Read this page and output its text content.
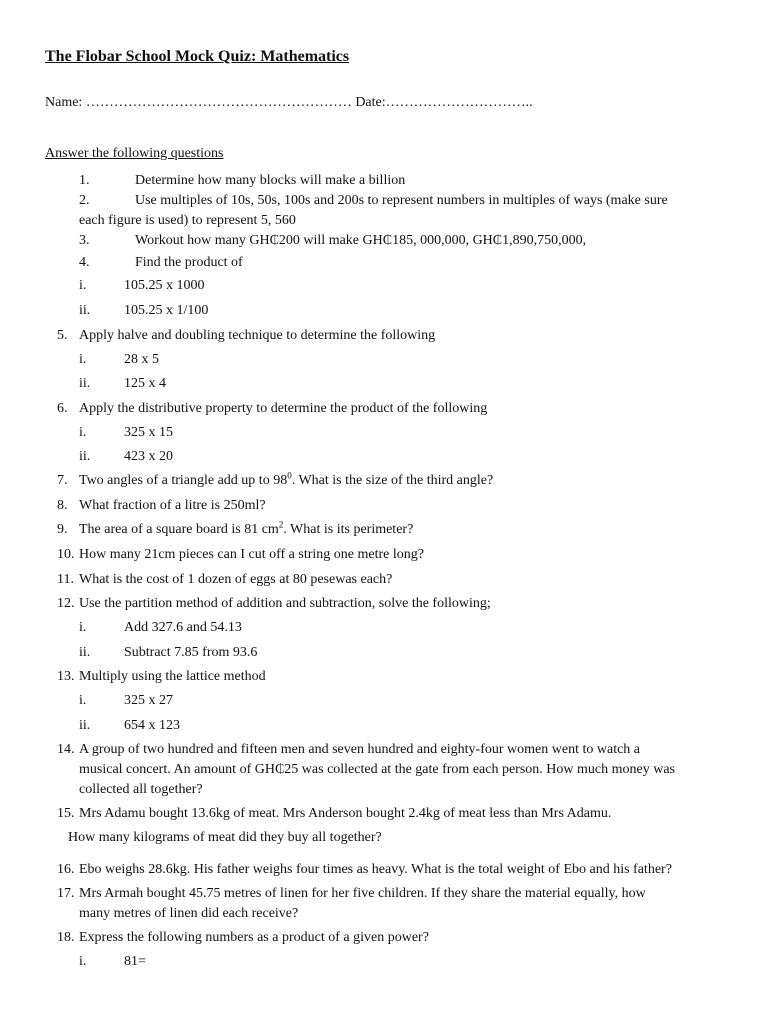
The Flobar School Mock Quiz: Mathematics
Name: ………………………………………………… Date:…………………………..
Answer the following questions
1.	Determine how many blocks will make a billion
2.	Use multiples of 10s, 50s, 100s and 200s to represent numbers in multiples of ways (make sure
each figure is used) to represent 5, 560
3.	Workout how many GH₵200 will make GH₵185, 000,000, GH₵1,890,750,000,
4.	Find the product of
i.	105.25 x 1000
ii. 105.25 x 1/100
5. Apply halve and doubling technique to determine the following
i.	28 x 5
ii. 125 x 4
6. Apply the distributive property to determine the product of the following
i.	325 x 15
ii. 423 x 20
7. Two angles of a triangle add up to $98^0$. What is the size of the third angle?
8. What fraction of a litre is 250ml?
9. The area of a square board is 81 $cm^2$. What is its perimeter?
10. How many 21cm pieces can I cut off a string one metre long?
11. What is the cost of 1 dozen of eggs at 80 pesewas each?
12. Use the partition method of addition and subtraction, solve the following;
i.	Add 327.6 and 54.13
ii. Subtract 7.85 from 93.6
13. Multiply using the lattice method
i.	325 x 27
ii. 654 x 123
14. A group of two hundred and fifteen men and seven hundred and eighty-four women went to watch a
musical concert. An amount of GH₵25 was collected at the gate from each person. How much money was
collected all together?
15. Mrs Adamu bought 13.6kg of meat. Mrs Anderson bought 2.4kg of meat less than Mrs Adamu.
How many kilograms of meat did they buy all together?
16. Ebo weighs 28.6kg. His father weighs four times as heavy. What is the total weight of Ebo and his father?
17. Mrs Armah bought 45.75 metres of linen for her five children. If they share the material equally, how
many metres of linen did each receive?
18. Express the following numbers as a product of a given power?
i.	81=
